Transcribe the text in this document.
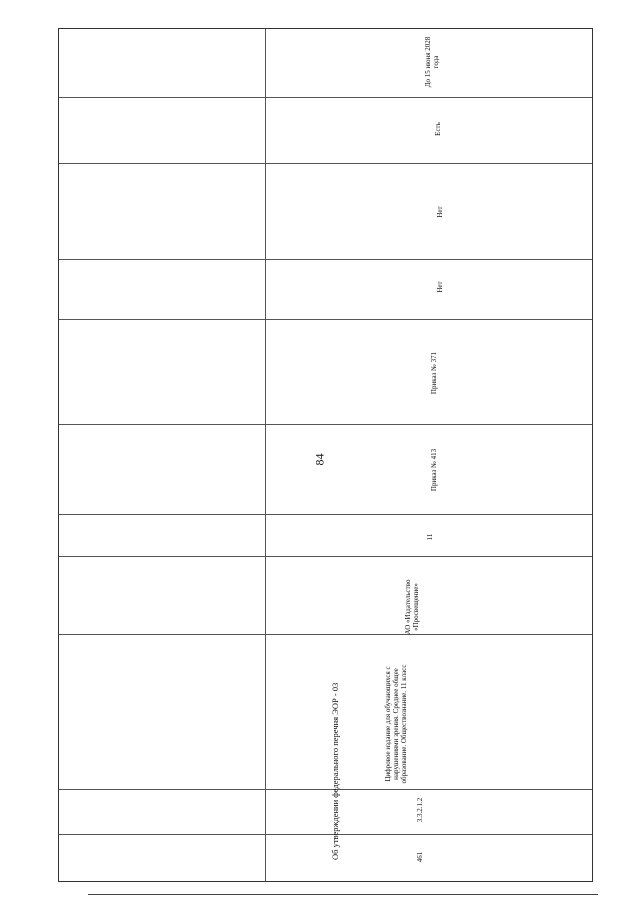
84
До 15 июня 2028 года
Есть
Нет
Нет
Приказ № 371
Приказ № 413
11
АО «Издательство «Просвещение»
Цифровое издание для обучающихся с нарушениями зрения. Среднее общее образование. Обществознание. 11 класс
3.3.2.1.2
461
Об утверждении федерального перечня ЭОР - 03
